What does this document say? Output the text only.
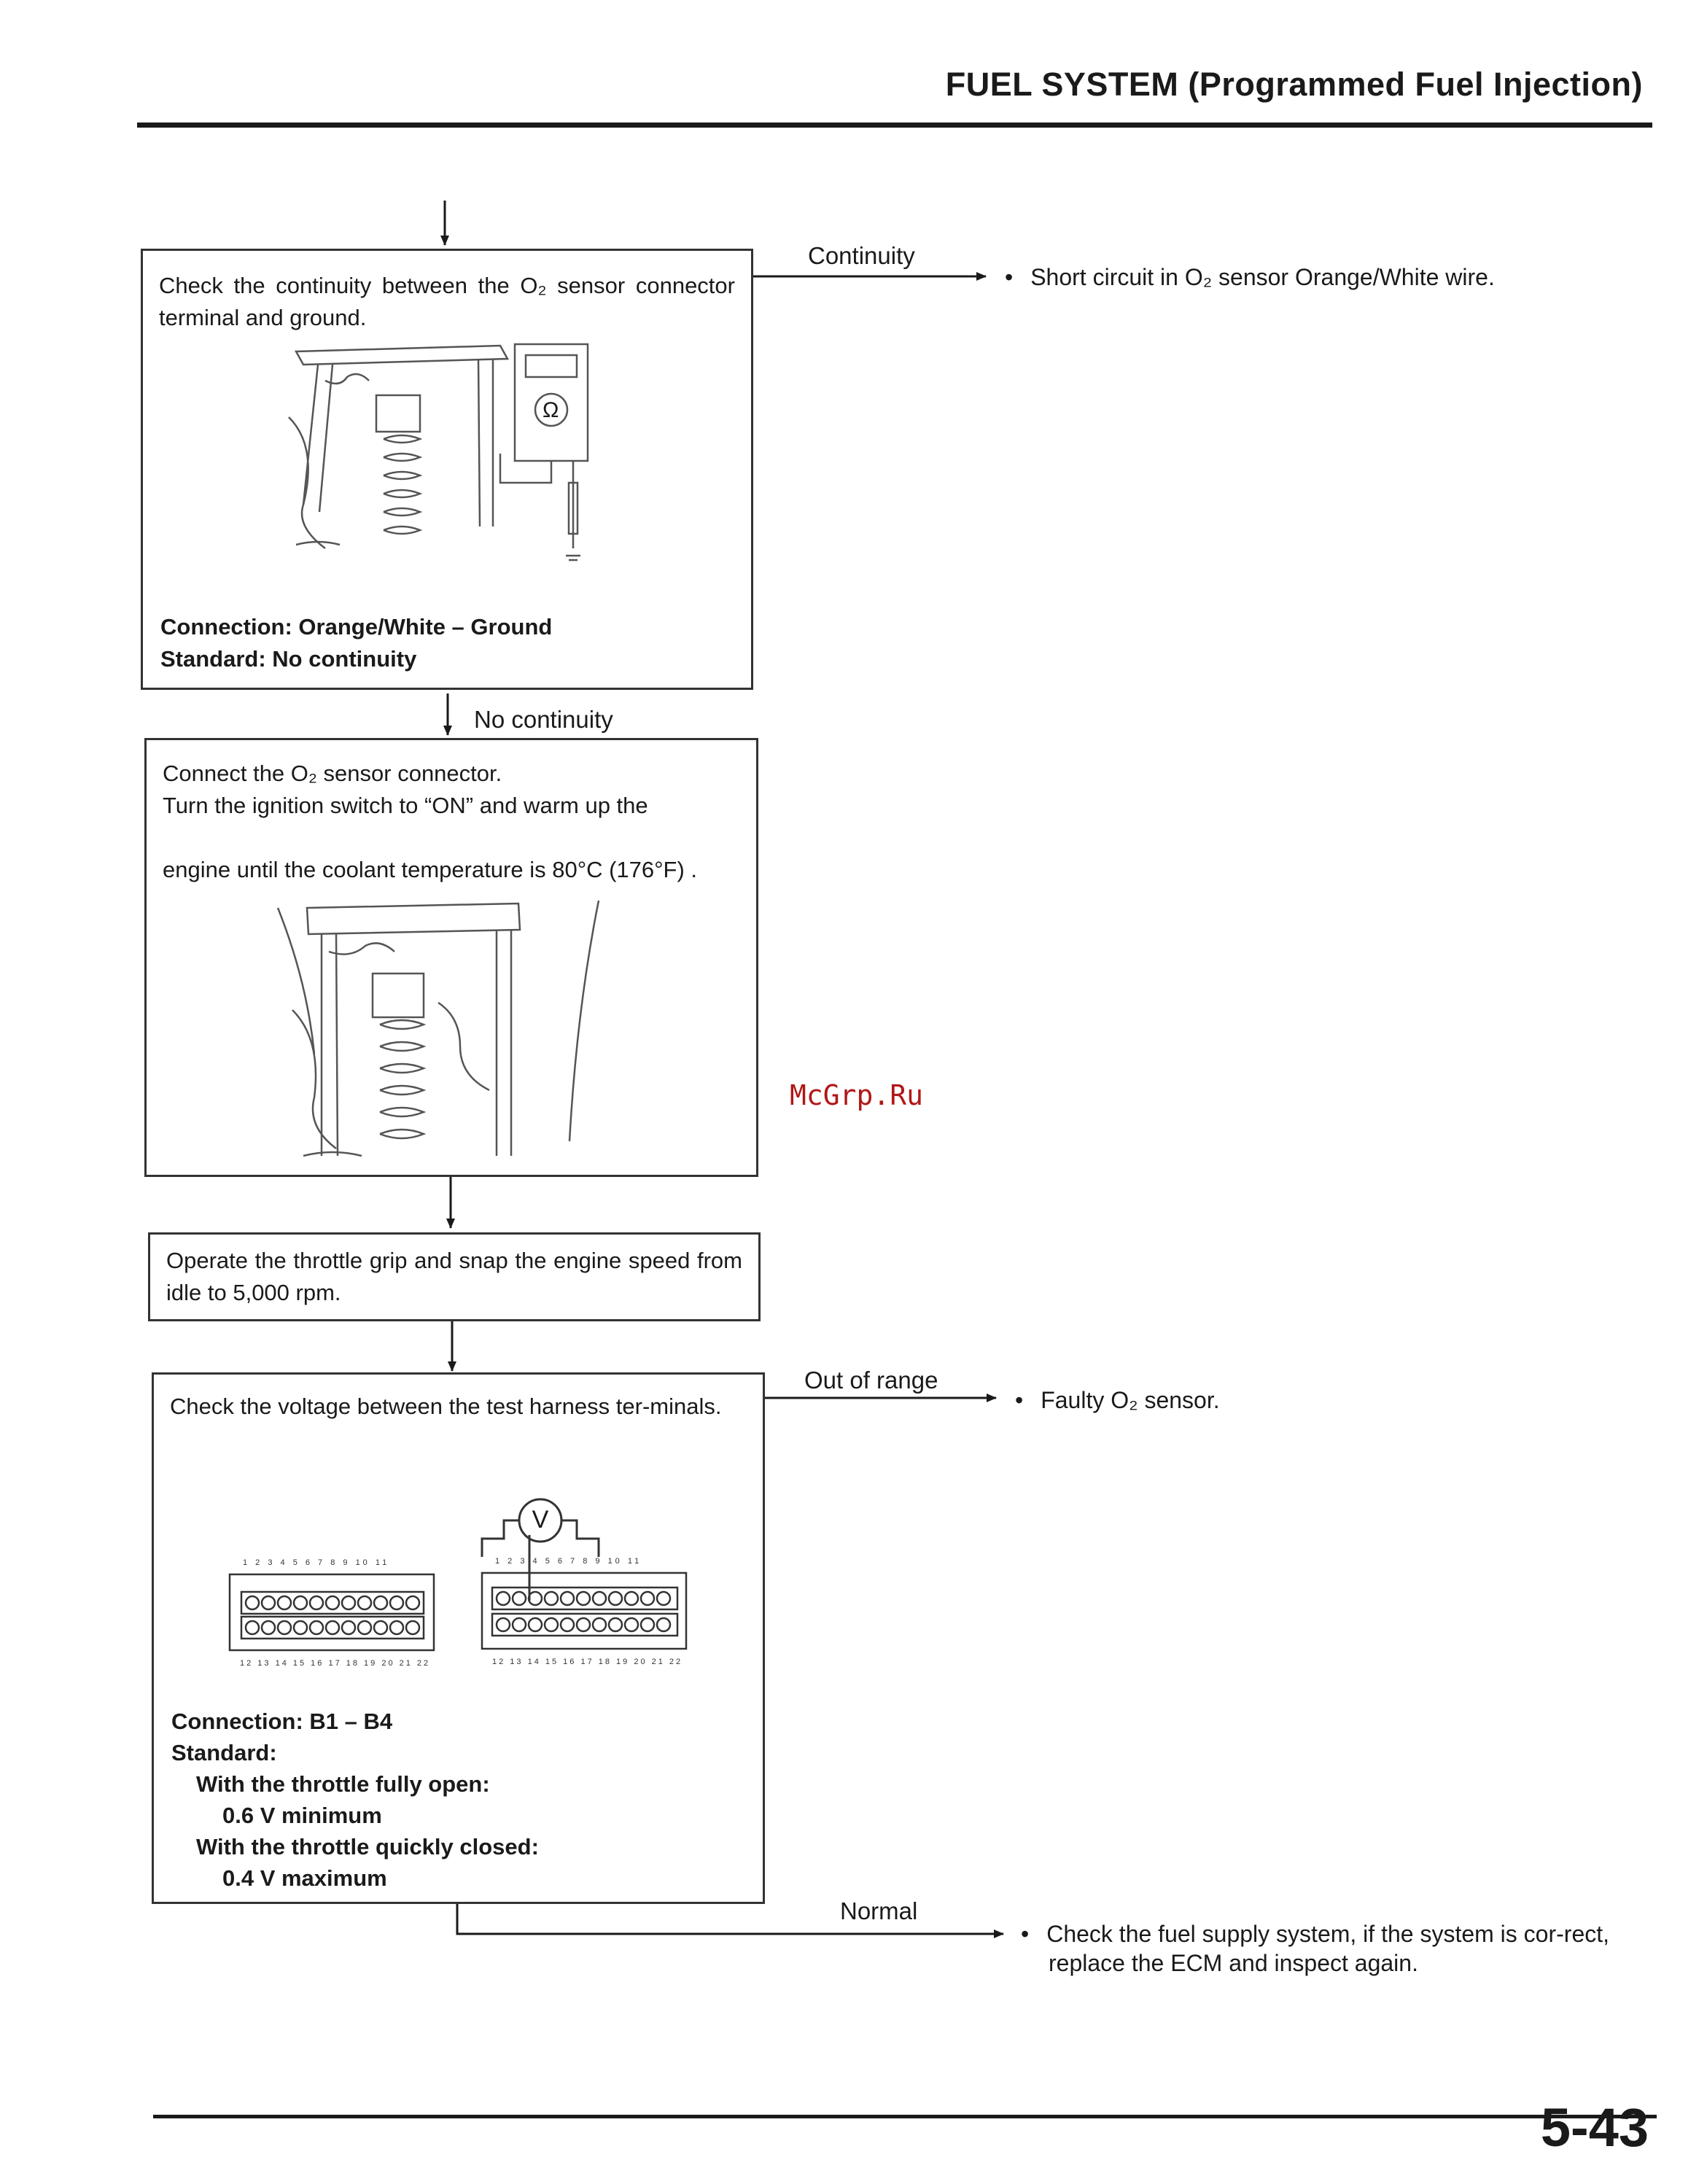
FUEL SYSTEM (Programmed Fuel Injection)
Continuity
No continuity
Out of range
Normal
• Short circuit in O₂ sensor Orange/White wire.
• Faulty O₂ sensor.
• Check the fuel supply system, if the system is cor-rect, replace the ECM and inspect again.
Check the continuity between the O₂ sensor connector terminal and ground.
Ω
Connection: Orange/White – Ground
Standard: No continuity
Connect the O₂ sensor connector.
Turn the ignition switch to “ON” and warm up the
engine until the coolant temperature is 80°C (176°F) .
Operate the throttle grip and snap the engine speed from idle to 5,000 rpm.
Check the voltage between the test harness ter-minals.
V
1 2 3 4 5 6 7 8 9 10 11
12 13 14 15 16 17 18 19 20 21 22
1 2 3 4 5 6 7 8 9 10 11
12 13 14 15 16 17 18 19 20 21 22
Connection: B1 – B4
Standard:
With the throttle fully open:
0.6 V minimum
With the throttle quickly closed:
0.4 V maximum
McGrp.Ru
5-43
